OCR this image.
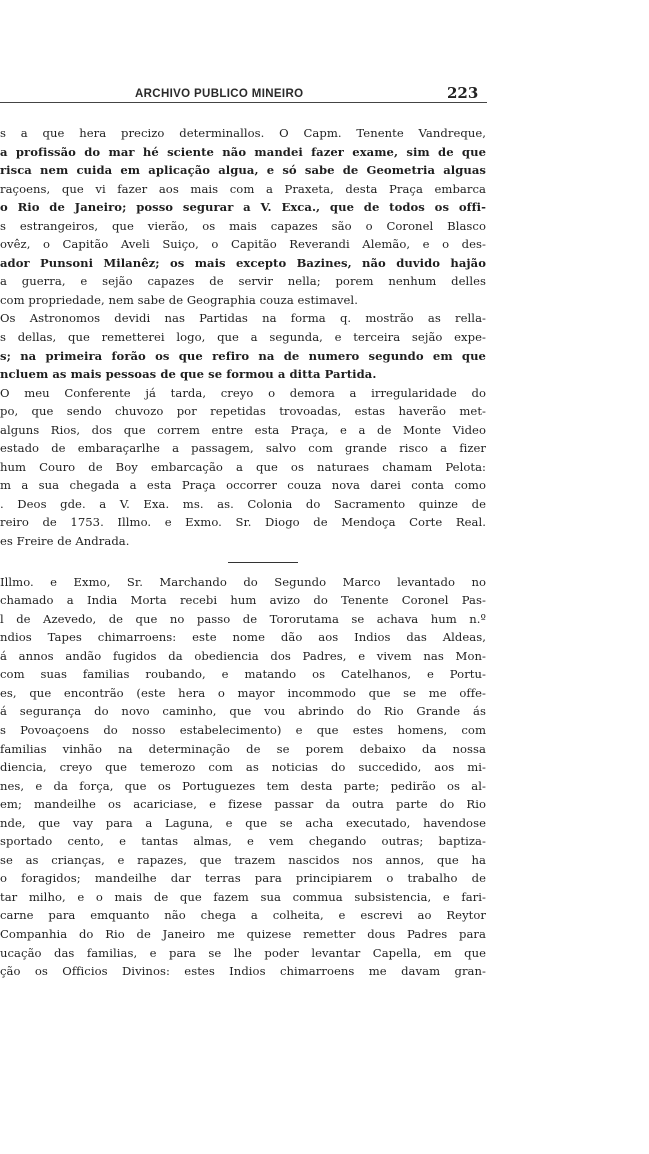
ARCHIVO PUBLICO MINEIRO	223
s a que hera precizo determinallos. O Capm. Tenente Vandreque,
a profissão do mar hé sciente não mandei fazer exame, sim de que
risca nem cuida em aplicação algua, e só sabe de Geometria alguas
raçoens, que vi fazer aos mais com a Praxeta, desta Praça embarca
o Rio de Janeiro; posso segurar a V. Exca., que de todos os offi-
s estrangeiros, que vierão, os mais capazes são o Coronel Blasco
ovêz, o Capitão Aveli Suiço, o Capitão Reverandi Alemão, e o des-
ador Punsoni Milanêz; os mais excepto Bazines, não duvido hajão
a guerra, e sejão capazes de servir nella; porem nenhum delles
com propriedade, nem sabe de Geographia couza estimavel.
Os Astronomos devidi nas Partidas na forma q. mostrão as rella-
s dellas, que remetterei logo, que a segunda, e terceira sejão expe-
s; na primeira forão os que refiro na de numero segundo em que
ncluem as mais pessoas de que se formou a ditta Partida.
O meu Conferente já tarda, creyo o demora a irregularidade do
po, que sendo chuvozo por repetidas trovoadas, estas haverão met-
alguns Rios, dos que correm entre esta Praça, e a de Monte Video
estado de embaraçarlhe a passagem, salvo com grande risco a fizer
hum Couro de Boy embarcação a que os naturaes chamam Pelota:
m a sua chegada a esta Praça occorrer couza nova darei conta como
. Deos gde. a V. Exa. ms. as. Colonia do Sacramento quinze de
reiro de 1753. Illmo. e Exmo. Sr. Diogo de Mendoça Corte Real.
es Freire de Andrada.
Illmo. e Exmo, Sr. Marchando do Segundo Marco levantado no
chamado a India Morta recebi hum avizo do Tenente Coronel Pas-
l de Azevedo, de que no passo de Tororutama se achava hum n.º
ndios Tapes chimarroens: este nome dão aos Indios das Aldeas,
á annos andão fugidos da obediencia dos Padres, e vivem nas Mon-
com suas familias roubando, e matando os Catelhanos, e Portu-
es, que encontrão (este hera o mayor incommodo que se me offe-
á segurança do novo caminho, que vou abrindo do Rio Grande ás
s Povoaçoens do nosso estabelecimento) e que estes homens, com
familias vinhão na determinação de se porem debaixo da nossa
diencia, creyo que temerozo com as noticias do succedido, aos mi-
nes, e da força, que os Portuguezes tem desta parte; pedirão os al-
em; mandeilhe os acariciase, e fizese passar da outra parte do Rio
nde, que vay para a Laguna, e que se acha executado, havendose
sportado cento, e tantas almas, e vem chegando outras; baptiza-
se as crianças, e rapazes, que trazem nascidos nos annos, que ha
o foragidos; mandeilhe dar terras para principiarem o trabalho de
tar milho, e o mais de que fazem sua commua subsistencia, e fari-
carne para emquanto não chega a colheita, e escrevi ao Reytor
Companhia do Rio de Janeiro me quizese remetter dous Padres para
ucação das familias, e para se lhe poder levantar Capella, em que
ção os Officios Divinos: estes Indios chimarroens me davam gran-
